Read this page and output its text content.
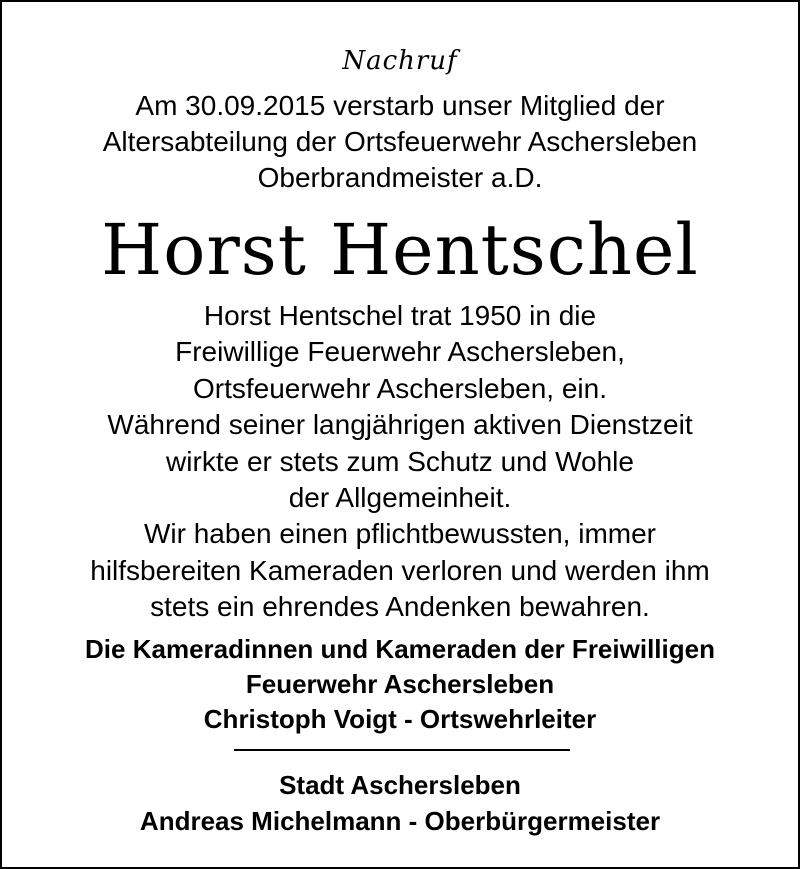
Nachruf
Am 30.09.2015 verstarb unser Mitglied der
Altersabteilung der Ortsfeuerwehr Aschersleben
Oberbrandmeister a.D.
Horst Hentschel
Horst Hentschel trat 1950 in die
Freiwillige Feuerwehr Aschersleben,
Ortsfeuerwehr Aschersleben, ein.
Während seiner langjährigen aktiven Dienstzeit
wirkte er stets zum Schutz und Wohle
der Allgemeinheit.
Wir haben einen pflichtbewussten, immer
hilfsbereiten Kameraden verloren und werden ihm
stets ein ehrendes Andenken bewahren.
Die Kameradinnen und Kameraden der Freiwilligen
Feuerwehr Aschersleben
Christoph Voigt - Ortswehrleiter
Stadt Aschersleben
Andreas Michelmann - Oberbürgermeister
